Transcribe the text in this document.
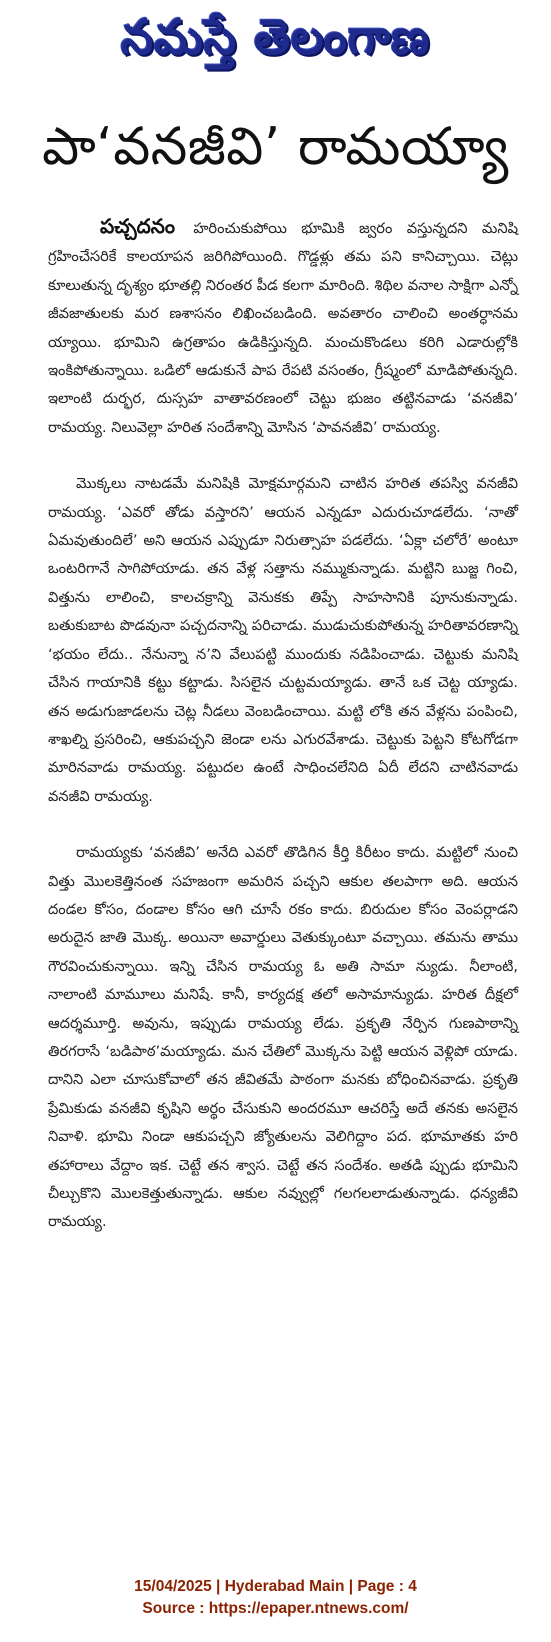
నమస్తే తెలంగాణ
పా‘వనజీవి’ రామయ్యా

పచ్చదనం హరించుకుపోయి భూమికి జ్వరం వస్తున్నదని మనిషి గ్రహించేసరికే కాలయాపన జరిగిపోయింది. గొడ్డళ్లు తమ పని కానిచ్చాయి. చెట్లు కూలుతున్న దృశ్యం భూతల్లి నిరంతర పీడ కలగా మారింది. శిథిల వనాల సాక్షిగా ఎన్నో జీవజాతులకు మర ణశాసనం లిఖించబడింది. అవతారం చాలించి అంతర్ధానమ య్యాయి. భూమిని ఉగ్రతాపం ఉడికిస్తున్నది. మంచుకొండలు కరిగి ఎడారుల్లోకి ఇంకిపోతున్నాయి. ఒడిలో ఆడుకునే పాప రేపటి వసంతం, గ్రీష్మంలో మాడిపోతున్నది. ఇలాంటి దుర్భర, దుస్సహ వాతావరణంలో చెట్టు భుజం తట్టినవాడు ‘వనజీవి’ రామయ్య. నిలువెల్లా హరిత సందేశాన్ని మోసిన ‘పావనజీవి’ రామయ్య.

మొక్కలు నాటడమే మనిషికి మోక్షమార్గమని చాటిన హరిత తపస్వి వనజీవి రామయ్య. ‘ఎవరో తోడు వస్తారని’ ఆయన ఎన్నడూ ఎదురుచూడలేదు. ‘నాతో ఏమవుతుందిలే’ అని ఆయన ఎప్పుడూ నిరుత్సాహ పడలేదు. ‘ఏక్లా చలోరే’ అంటూ ఒంటరిగానే సాగిపోయాడు. తన వేళ్ల సత్తాను నమ్ముకున్నాడు. మట్టిని బుజ్జ గించి, విత్తును లాలించి, కాలచక్రాన్ని వెనుకకు తిప్పే సాహసానికి పూనుకున్నాడు. బతుకుబాట పొడవునా పచ్చదనాన్ని పరిచాడు. ముడుచుకుపోతున్న హరితావరణాన్ని ‘భయం లేదు.. నేనున్నా న’ని వేలుపట్టి ముందుకు నడిపించాడు. చెట్టుకు మనిషి చేసిన గాయానికి కట్టు కట్టాడు. సిసలైన చుట్టమయ్యాడు. తానే ఒక చెట్ట య్యాడు. తన అడుగుజాడలను చెట్ల నీడలు వెంబడించాయి. మట్టి లోకి తన వేళ్లను పంపించి, శాఖల్ని ప్రసరించి, ఆకుపచ్చని జెండా లను ఎగురవేశాడు. చెట్టుకు పెట్టని కోటగోడగా మారినవాడు రామయ్య. పట్టుదల ఉంటే సాధించలేనిది ఏదీ లేదని చాటినవాడు వనజీవి రామయ్య.

రామయ్యకు ‘వనజీవి’ అనేది ఎవరో తొడిగిన కీర్తి కిరీటం కాదు. మట్టిలో నుంచి విత్తు మొలకెత్తినంత సహజంగా అమరిన పచ్చని ఆకుల తలపాగా అది. ఆయన దండల కోసం, దండాల కోసం ఆగి చూసే రకం కాదు. బిరుదుల కోసం వెంపర్లాడని అరుదైన జాతి మొక్క. అయినా అవార్డులు వెతుక్కుంటూ వచ్చాయి. తమను తాము గౌరవించుకున్నాయి. ఇన్ని చేసిన రామయ్య ఓ అతి సామా న్యుడు. నీలాంటి, నాలాంటి మామూలు మనిషే. కానీ, కార్యదక్ష తలో అసామాన్యుడు. హరిత దీక్షలో ఆదర్శమూర్తి. అవును, ఇప్పుడు రామయ్య లేడు. ప్రకృతి నేర్పిన గుణపాఠాన్ని తిరగరాసే ‘బడిపాఠ’మయ్యాడు. మన చేతిలో మొక్కను పెట్టి ఆయన వెళ్లిపో యాడు. దానిని ఎలా చూసుకోవాలో తన జీవితమే పాఠంగా మనకు బోధించినవాడు. ప్రకృతి ప్రేమికుడు వనజీవి కృషిని అర్థం చేసుకుని అందరమూ ఆచరిస్తే అదే తనకు అసలైన నివాళి. భూమి నిండా ఆకుపచ్చని జ్యోతులను వెలిగిద్దాం పద. భూమాతకు హరి తహారాలు వేద్దాం ఇక. చెట్టే తన శ్వాస. చెట్టే తన సందేశం. అతడి ప్పుడు భూమిని చీల్చుకొని మొలకెత్తుతున్నాడు. ఆకుల నవ్వుల్లో గలగలలాడుతున్నాడు. ధన్యజీవి రామయ్య.

15/04/2025 | Hyderabad Main | Page : 4
Source : https://epaper.ntnews.com/
